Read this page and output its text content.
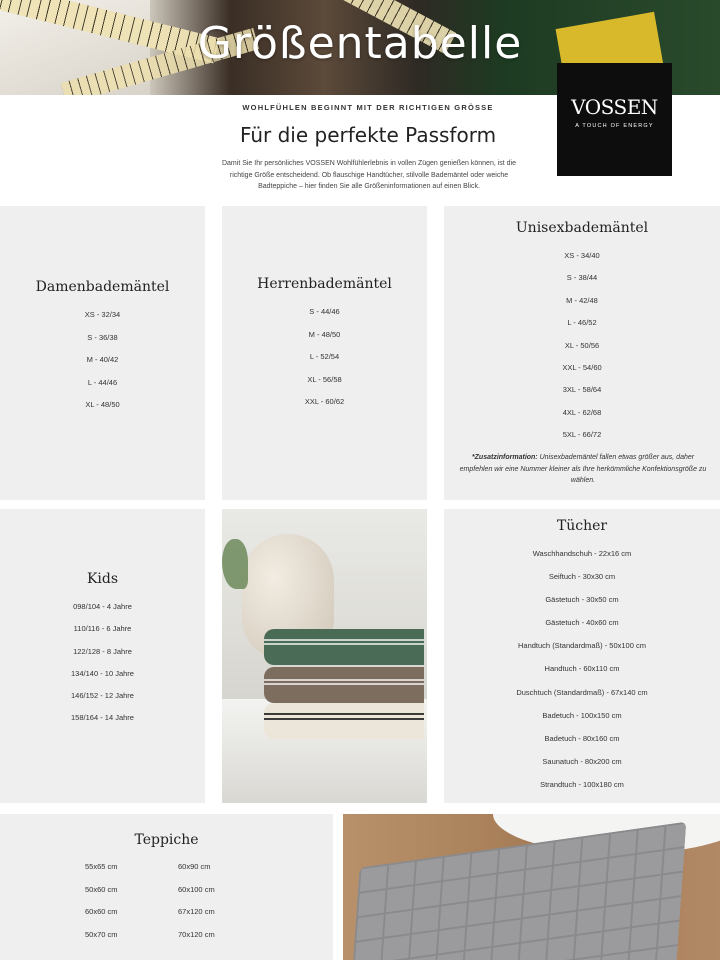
Größentabelle
WOHLFÜHLEN BEGINNT MIT DER RICHTIGEN GRÖSSE
Für die perfekte Passform
Damit Sie Ihr persönliches VOSSEN Wohlfühlerlebnis in vollen Zügen genießen können, ist die richtige Größe entscheidend. Ob flauschige Handtücher, stilvolle Bademäntel oder weiche Badteppiche – hier finden Sie alle Größeninformationen auf einen Blick.
VOSSEN
A TOUCH OF ENERGY
Damenbademäntel
XS - 32/34
S - 36/38
M - 40/42
L - 44/46
XL - 48/50
Herrenbademäntel
S - 44/46
M - 48/50
L - 52/54
XL - 56/58
XXL - 60/62
Unisexbademäntel
XS - 34/40
S - 38/44
M - 42/48
L - 46/52
XL - 50/56
XXL - 54/60
3XL - 58/64
4XL - 62/68
5XL - 66/72
*Zusatzinformation: Unisexbademäntel fallen etwas größer aus, daher empfehlen wir eine Nummer kleiner als Ihre herkömmliche Konfektionsgröße zu wählen.
Kids
098/104 - 4 Jahre
110/116 - 6 Jahre
122/128 - 8 Jahre
134/140 - 10 Jahre
146/152 - 12 Jahre
158/164 - 14 Jahre
Tücher
Waschhandschuh - 22x16 cm
Seiftuch - 30x30 cm
Gästetuch - 30x50 cm
Gästetuch - 40x60 cm
Handtuch (Standardmaß) - 50x100 cm
Handtuch - 60x110 cm
Duschtuch (Standardmaß) - 67x140 cm
Badetuch - 100x150 cm
Badetuch - 80x160 cm
Saunatuch - 80x200 cm
Strandtuch - 100x180 cm
Teppiche
55x65 cm	60x90 cm
50x60 cm	60x100 cm
60x60 cm	67x120 cm
50x70 cm	70x120 cm
